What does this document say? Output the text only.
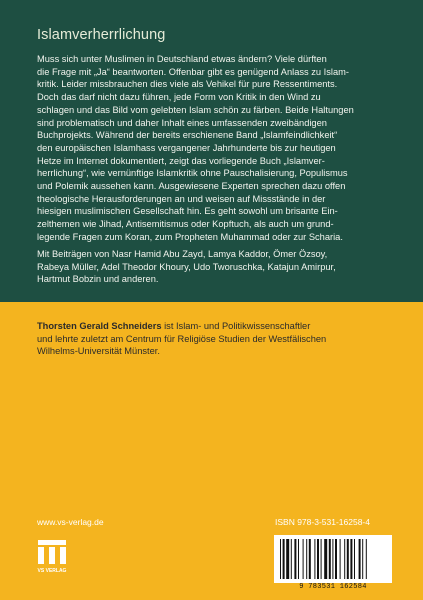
Islamverherrlichung

Muss sich unter Muslimen in Deutschland etwas ändern? Viele dürften
die Frage mit „Ja“ beantworten. Offenbar gibt es genügend Anlass zu Islam-
kritik. Leider missbrauchen dies viele als Vehikel für pure Ressentiments.
Doch das darf nicht dazu führen, jede Form von Kritik in den Wind zu
schlagen und das Bild vom gelebten Islam schön zu färben. Beide Haltungen
sind problematisch und daher Inhalt eines umfassenden zweibändigen
Buchprojekts. Während der bereits erschienene Band „Islamfeindlichkeit“
den europäischen Islamhass vergangener Jahrhunderte bis zur heutigen
Hetze im Internet dokumentiert, zeigt das vorliegende Buch „Islamver-
herrlichung“, wie vernünftige Islamkritik ohne Pauschalisierung, Populismus
und Polemik aussehen kann. Ausgewiesene Experten sprechen dazu offen
theologische Herausforderungen an und weisen auf Missstände in der
hiesigen muslimischen Gesellschaft hin. Es geht sowohl um brisante Ein-
zelthemen wie Jihad, Antisemitismus oder Kopftuch, als auch um grund-
legende Fragen zum Koran, zum Propheten Muhammad oder zur Scharia.

Mit Beiträgen von Nasr Hamid Abu Zayd, Lamya Kaddor, Ömer Özsoy,
Rabeya Müller, Adel Theodor Khoury, Udo Tworuschka, Katajun Amirpur,
Hartmut Bobzin und anderen.

Thorsten Gerald Schneiders ist Islam- und Politikwissenschaftler
und lehrte zuletzt am Centrum für Religiöse Studien der Westfälischen
Wilhelms-Universität Münster.

www.vs-verlag.de	ISBN 978-3-531-16258-4
VS VERLAG
9 783531 162584
